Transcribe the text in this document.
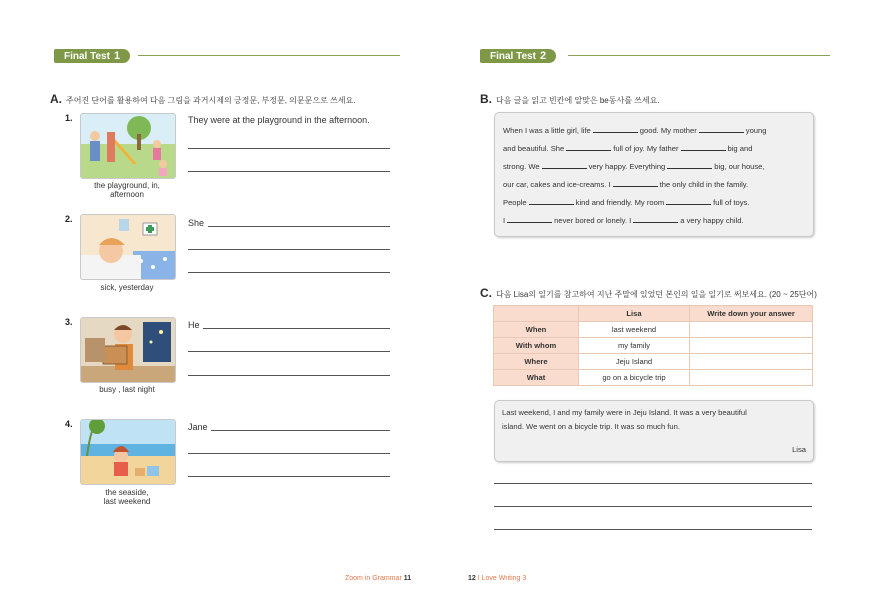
Final Test 1
A. 주어진 단어를 활용하여 다음 그림을 과거시제의 긍정문, 부정문, 의문문으로 쓰세요.
1.
the playground, in,
afternoon
They were at the playground in the afternoon.
2.
sick, yesterday
She
3.
busy , last night
He
4.
the seaside,
last weekend
Jane
Zoom in Grammar 11
Final Test 2
B. 다음 글을 읽고 빈칸에 알맞은 be동사를 쓰세요.
When I was a little girl, life	good. My mother	young
and beautiful. She	full of joy. My father	big and
strong. We	very happy. Everything	big, our house,
our car, cakes and ice-creams. I	the only child in the family.
People	kind and friendly. My room	full of toys.
I	never bored or lonely. I	a very happy child.
C. 다음 Lisa의 일기를 참고하여 지난 주말에 있었던 본인의 일을 일기로 써보세요. (20 ~ 25단어)
	Lisa	Write down your answer
When	last weekend	
With whom	my family	
Where	Jeju Island	
What	go on a bicycle trip	
Last weekend, I and my family were in Jeju Island. It was a very beautiful
island. We went on a bicycle trip. It was so much fun.
Lisa
12 I Love Writing 3
